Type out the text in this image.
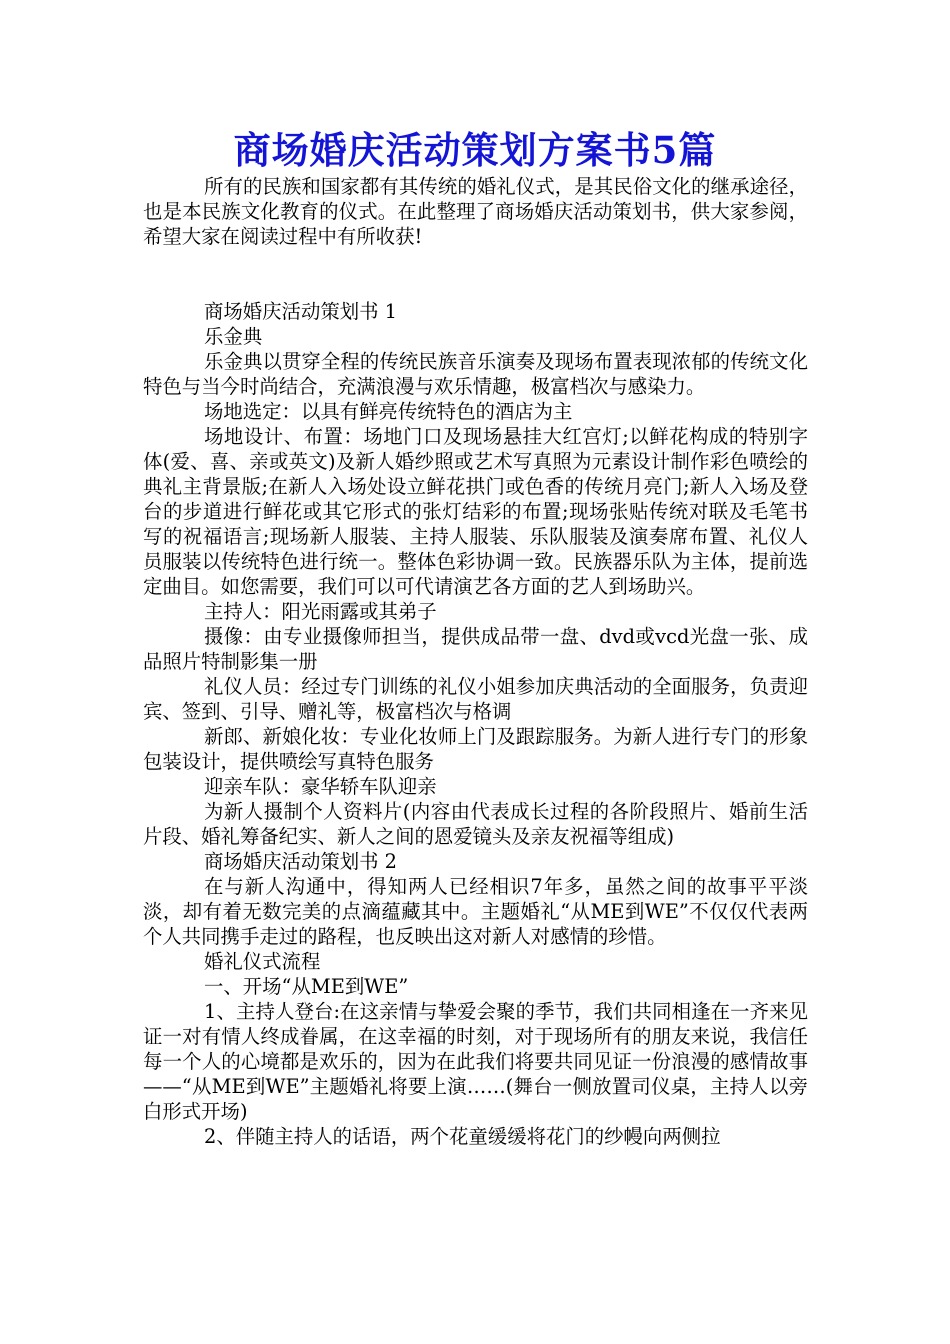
商场婚庆活动策划方案书5篇

所有的民族和国家都有其传统的婚礼仪式，是其民俗文化的继承途径，也是本民族文化教育的仪式。在此整理了商场婚庆活动策划书，供大家参阅，希望大家在阅读过程中有所收获!

商场婚庆活动策划书 1

乐金典

乐金典以贯穿全程的传统民族音乐演奏及现场布置表现浓郁的传统文化特色与当今时尚结合，充满浪漫与欢乐情趣，极富档次与感染力。

场地选定：以具有鲜亮传统特色的酒店为主

场地设计、布置：场地门口及现场悬挂大红宫灯;以鲜花构成的特别字体(爱、喜、亲或英文)及新人婚纱照或艺术写真照为元素设计制作彩色喷绘的典礼主背景版;在新人入场处设立鲜花拱门或色香的传统月亮门;新人入场及登台的步道进行鲜花或其它形式的张灯结彩的布置;现场张贴传统对联及毛笔书写的祝福语言;现场新人服装、主持人服装、乐队服装及演奏席布置、礼仪人员服装以传统特色进行统一。整体色彩协调一致。民族器乐队为主体，提前选定曲目。如您需要，我们可以可代请演艺各方面的艺人到场助兴。

主持人：阳光雨露或其弟子

摄像：由专业摄像师担当，提供成品带一盘、dvd或vcd光盘一张、成品照片特制影集一册

礼仪人员：经过专门训练的礼仪小姐参加庆典活动的全面服务，负责迎宾、签到、引导、赠礼等，极富档次与格调

新郎、新娘化妆：专业化妆师上门及跟踪服务。为新人进行专门的形象包装设计，提供喷绘写真特色服务

迎亲车队：豪华轿车队迎亲

为新人摄制个人资料片(内容由代表成长过程的各阶段照片、婚前生活片段、婚礼筹备纪实、新人之间的恩爱镜头及亲友祝福等组成)

商场婚庆活动策划书 2

在与新人沟通中，得知两人已经相识7年多，虽然之间的故事平平淡淡，却有着无数完美的点滴蕴藏其中。主题婚礼“从ME到WE”不仅仅代表两个人共同携手走过的路程，也反映出这对新人对感情的珍惜。

婚礼仪式流程

一、开场“从ME到WE”

1、主持人登台:在这亲情与挚爱会聚的季节，我们共同相逢在一齐来见证一对有情人终成眷属，在这幸福的时刻，对于现场所有的朋友来说，我信任每一个人的心境都是欢乐的，因为在此我们将要共同见证一份浪漫的感情故事——“从ME到WE”主题婚礼将要上演……(舞台一侧放置司仪桌，主持人以旁白形式开场)

2、伴随主持人的话语，两个花童缓缓将花门的纱幔向两侧拉
